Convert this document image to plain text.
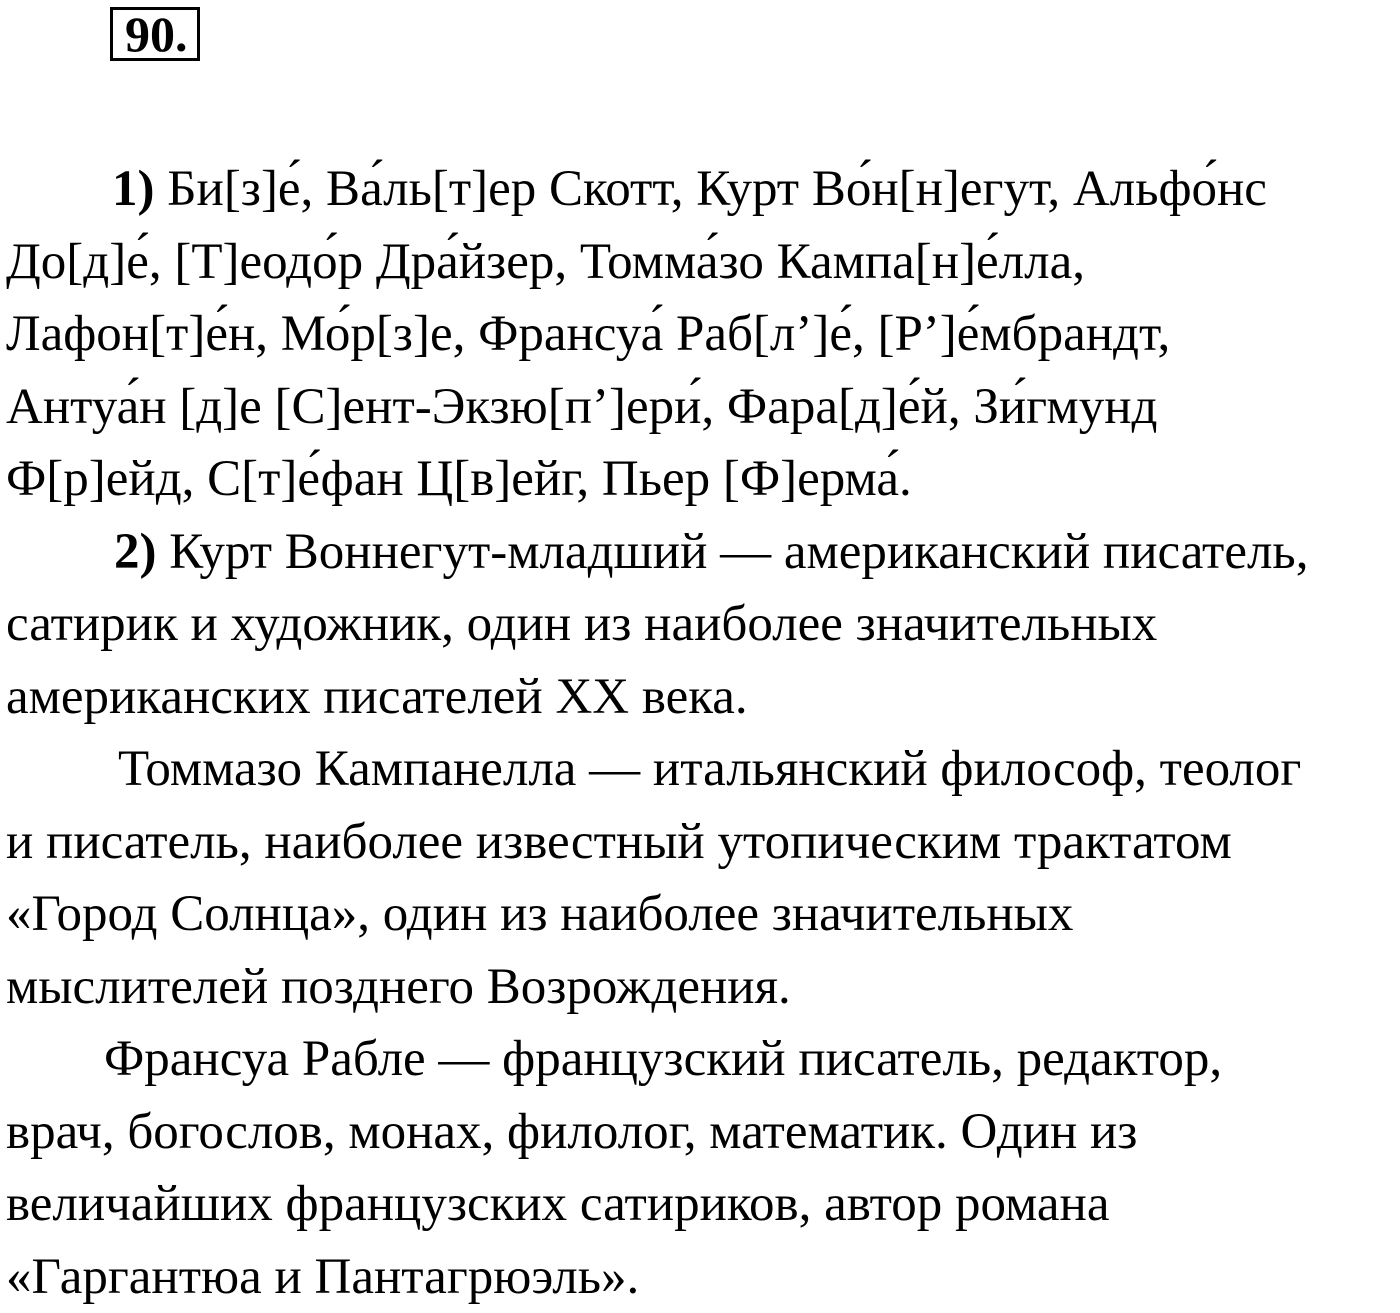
90.
1) Би[з]е́, Ва́ль[т]ер Скотт, Курт Во́н[н]егут, Альфо́нс
До[д]е́, [Т]еодо́р Дра́йзер, Томма́зо Кампа[н]е́лла,
Лафон[т]е́н, Мо́р[з]е, Франсуа́ Раб[л’]е́, [Р’]е́мбрандт,
Антуа́н [д]е [С]ент-Экзю[п’]ери́, Фара[д]е́й, Зи́гмунд
Ф[р]ейд, С[т]е́фан Ц[в]ейг, Пьер [Ф]ерма́.
2) Курт Воннегут-младший — американский писатель,
сатирик и художник, один из наиболее значительных
американских писателей XX века.
Томмазо Кампанелла — итальянский философ, теолог
и писатель, наиболее известный утопическим трактатом
«Город Солнца», один из наиболее значительных
мыслителей позднего Возрождения.
Франсуа Рабле — французский писатель, редактор,
врач, богослов, монах, филолог, математик. Один из
величайших французских сатириков, автор романа
«Гаргантюа и Пантагрюэль».
